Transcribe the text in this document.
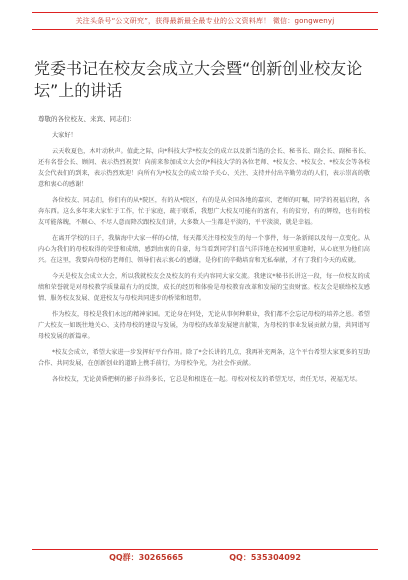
关注头条号“公文研究”，获得最新最全最专业的公文资料库！ 微信：gongwenyj
党委书记在校友会成立大会暨“创新创业校友论坛”上的讲话
尊敬的各位校友、来宾、同志们：

大家好！

云天收夏色，木叶动秋声。值此之际，向*科技大学*校友会的成立以及新当选的会长、秘书长、副会长、副秘书长、还有名誉会长、顾问、表示热烈祝贺！向前来参加成立大会的*科技大学的各位老师、*校友会、*校友会、*校友会等各校友会代表们的到来，表示热烈欢迎！向所有为*校友会的成立给予关心、关注、支持并付出辛勤劳动的人们，表示崇高的敬意和衷心的感谢！

各位校友、同志们，你们有的从*院区，有的从*院区，有的是从全国各地的嘉宾、老师的叮嘱，同学的祝福启程，各奔东西。这么多年来大家忙于工作，忙于家庭，疏于联系，我想广大校友可能有的富有，有的贫穷，有的辉煌，也有的校友可能落魄，不顺心、不尽人意而降次跟校友们讲，大多数人一生都是平淡的，平平淡淡，就是幸福。

在离开学校的日子，我脑海中大家一样的心情，每天都关注母校发生的每一个事件，每一条新闻以及每一点变化。从内心为我们的母校取得的荣誉和成绩，感到由衷的自豪，每当看到同学们喜气洋洋地在校园里重逢时，从心底里为他们高兴。在这里，我要向母校的老师们、领导们表示衷心的感谢，是你们的辛勤培育和无私奉献，才有了我们今天的成就。

今天是校友会成立大会，所以我就校友会及校友的有关内容同大家交流。我建议*秘书长讲这一段，每一位校友的成绩和荣誉就是对母校教学质量最有力的反馈，成长的经历和体验是母校教育改革和发展的宝贵财富。校友会是联络校友感情、服务校友发展、促进校友与母校共同进步的桥梁和纽带。

作为校友，母校是我们永远的精神家园。无论身在何处，无论从事何种职业，我们都不会忘记母校的培养之恩。希望广大校友一如既往地关心、支持母校的建设与发展，为母校的改革发展建言献策，为母校的事业发展贡献力量，共同谱写母校发展的新篇章。

*校友会成立，希望大家进一步发挥好平台作用。除了*会长讲的几点，我再补充两条，这个平台希望大家更多的互助合作、共同发展，在创新创业的道路上携手前行，为母校争光，为社会作贡献。

各位校友，无论黄昏把树的影子拉得多长，它总是和根连在一起。母校对校友的希望无尽，责任无尽，祝福无尽。

QQ群：30265665	QQ：535304092
